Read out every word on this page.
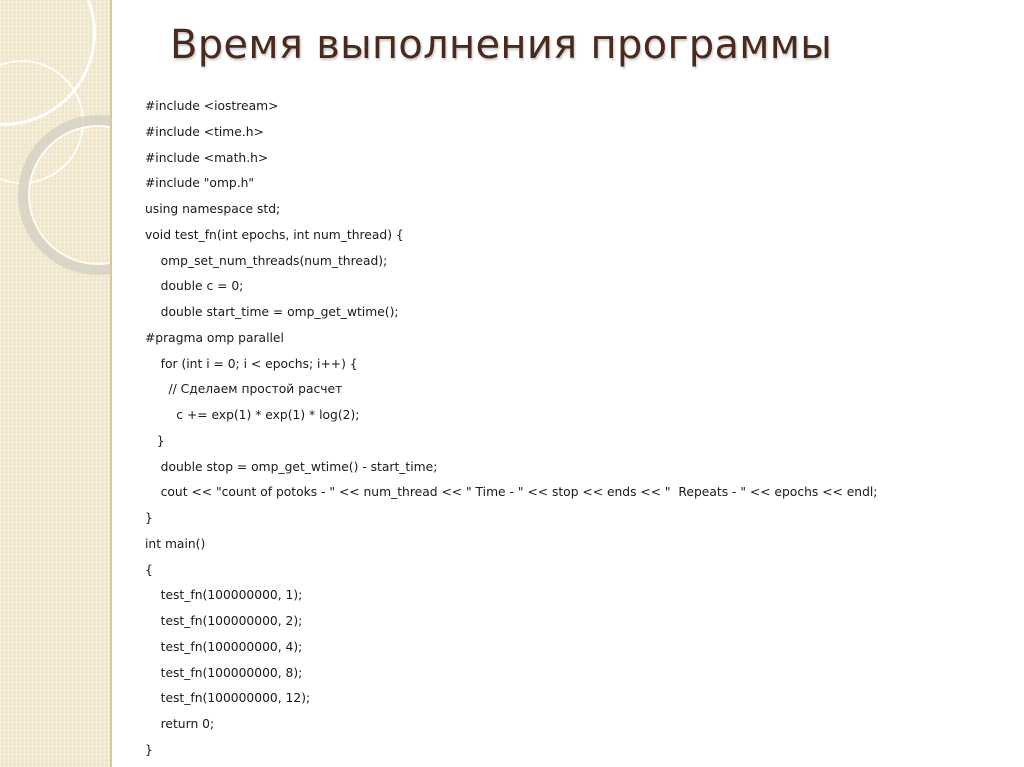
Время выполнения программы
#include <iostream>
#include <time.h>
#include <math.h>
#include "omp.h"
using namespace std;
void test_fn(int epochs, int num_thread) {
omp_set_num_threads(num_thread);
double c = 0;
double start_time = omp_get_wtime();
#pragma omp parallel
for (int i = 0; i < epochs; i++) {
// Сделаем простой расчет
c += exp(1) * exp(1) * log(2);
}
double stop = omp_get_wtime() - start_time;
cout << "count of potoks - " << num_thread << " Time - " << stop << ends << "  Repeats - " << epochs << endl;
}
int main()
{
test_fn(100000000, 1);
test_fn(100000000, 2);
test_fn(100000000, 4);
test_fn(100000000, 8);
test_fn(100000000, 12);
return 0;
}
